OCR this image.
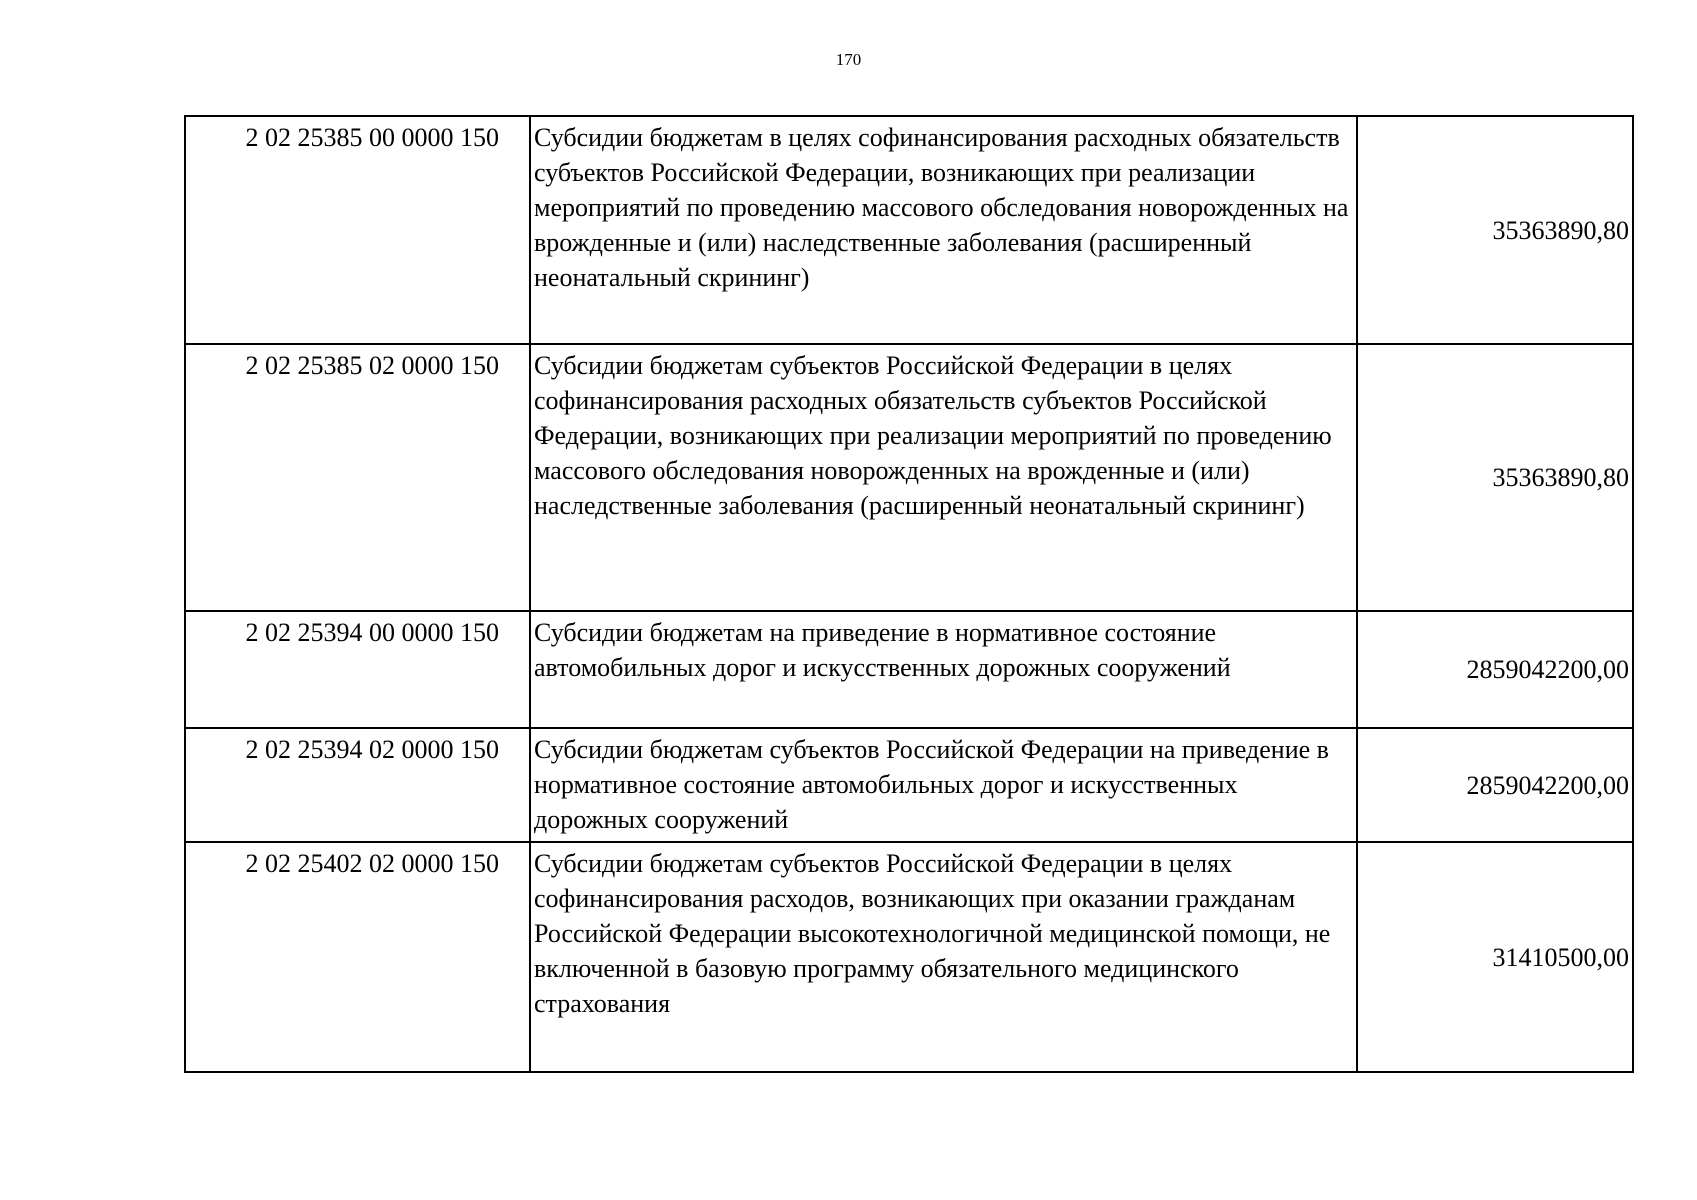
170
2 02 25385 00 0000 150	Субсидии бюджетам в целях софинансирования расходных обязательств субъектов Российской Федерации, возникающих при реализации мероприятий по проведению массового обследования новорожденных на врожденные и (или) наследственные заболевания (расширенный неонатальный скрининг)	35363890,80
2 02 25385 02 0000 150	Субсидии бюджетам субъектов Российской Федерации в целях софинансирования расходных обязательств субъектов Российской Федерации, возникающих при реализации мероприятий по проведению массового обследования новорожденных на врожденные и (или) наследственные заболевания (расширенный неонатальный скрининг)	35363890,80
2 02 25394 00 0000 150	Субсидии бюджетам на приведение в нормативное состояние автомобильных дорог и искусственных дорожных сооружений	2859042200,00
2 02 25394 02 0000 150	Субсидии бюджетам субъектов Российской Федерации на приведение в нормативное состояние автомобильных дорог и искусственных дорожных сооружений	2859042200,00
2 02 25402 02 0000 150	Субсидии бюджетам субъектов Российской Федерации в целях софинансирования расходов, возникающих при оказании гражданам Российской Федерации высокотехнологичной медицинской помощи, не включенной в базовую программу обязательного медицинского страхования	31410500,00
